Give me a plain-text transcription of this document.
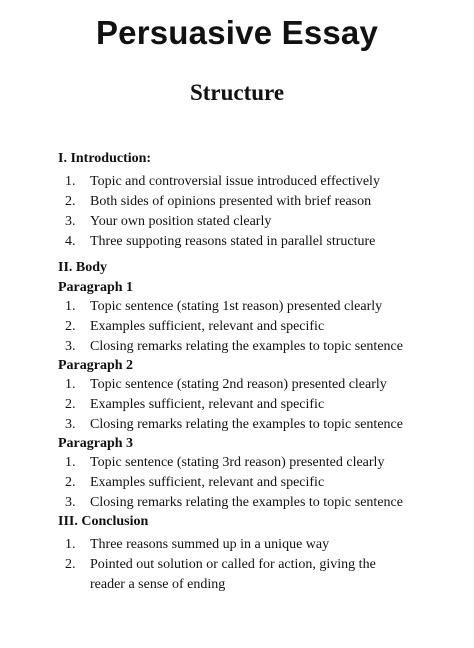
Persuasive Essay
Structure
I. Introduction:
1. Topic and controversial issue introduced effectively
2. Both sides of opinions presented with brief reason
3. Your own position stated clearly
4. Three suppoting reasons stated in parallel structure
II. Body
Paragraph 1
1. Topic sentence (stating 1st reason) presented clearly
2. Examples sufficient, relevant and specific
3. Closing remarks relating the examples to topic sentence
Paragraph 2
1. Topic sentence (stating 2nd reason) presented clearly
2. Examples sufficient, relevant and specific
3. Closing remarks relating the examples to topic sentence
Paragraph 3
1. Topic sentence (stating 3rd reason) presented clearly
2. Examples sufficient, relevant and specific
3. Closing remarks relating the examples to topic sentence
III. Conclusion
1. Three reasons summed up in a unique way
2. Pointed out solution or called for action, giving the reader a sense of ending
